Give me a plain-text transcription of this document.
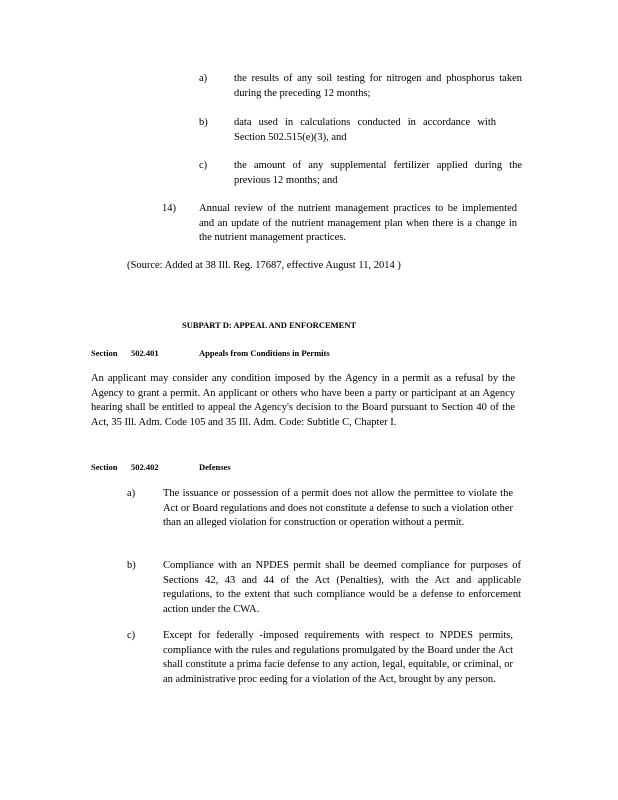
a)	the results of any soil testing for nitrogen and phosphorus taken during the preceding 12 months;
b)	data used in calculations conducted in accordance with Section 502.515(e)(3), and
c)	the amount of any supplemental fertilizer applied during the previous 12 months; and
14) Annual review of the nutrient management practices to be implemented and an update of the nutrient management plan when there is a change in the nutrient management practices.
(Source: Added at 38 Ill. Reg. 17687, effective August 11, 2014 )
SUBPART D: APPEAL AND ENFORCEMENT
Section 502.401	Appeals from Conditions in Permits
An applicant may consider any condition imposed by the Agency in a permit as a refusal by the Agency to grant a permit. An applicant or others who have been a party or participant at an Agency hearing shall be entitled to appeal the Agency's decision to the Board pursuant to Section 40 of the Act, 35 Ill. Adm. Code 105 and 35 Ill. Adm. Code: Subtitle C, Chapter I.
Section 502.402	Defenses
a)	The issuance or possession of a permit does not allow the permittee to violate the Act or Board regulations and does not constitute a defense to such a violation other than an alleged violation for construction or operation without a permit.
b)	Compliance with an NPDES permit shall be deemed compliance for purposes of Sections 42, 43 and 44 of the Act (Penalties), with the Act and applicable regulations, to the extent that such compliance would be a defense to enforcement action under the CWA.
c)	Except for federally -imposed requirements with respect to NPDES permits, compliance with the rules and regulations promulgated by the Board under the Act shall constitute a prima facie defense to any action, legal, equitable, or criminal, or an administrative proc eeding for a violation of the Act, brought by any person.
